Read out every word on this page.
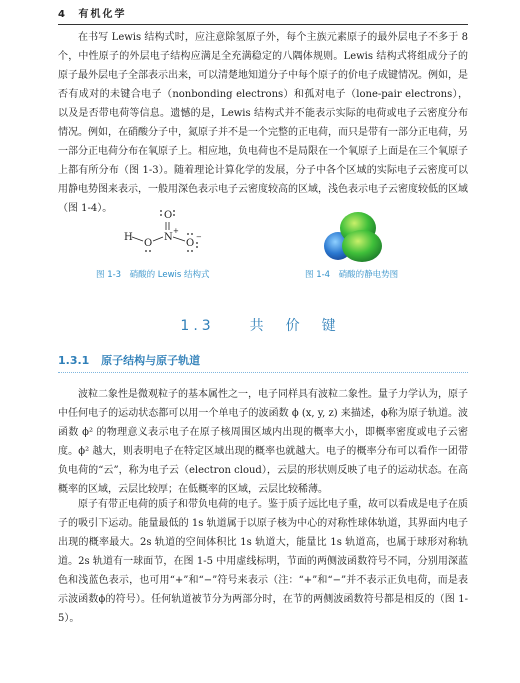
4 有机化学

在书写 Lewis 结构式时，应注意除氢原子外，每个主族元素原子的最外层电子不多于 8 个，中性原子的外层电子结构应满足全充满稳定的八隅体规则。Lewis 结构式将组成分子的原子最外层电子全部表示出来，可以清楚地知道分子中每个原子的价电子成键情况。例如，是否有成对的未键合电子（nonbonding electrons）和孤对电子（lone-pair electrons），以及是否带电荷等信息。遗憾的是，Lewis 结构式并不能表示实际的电荷或电子云密度分布情况。例如，在硝酸分子中，氮原子并不是一个完整的正电荷，而只是带有一部分正电荷，另一部分正电荷分布在氧原子上。相应地，负电荷也不是局限在一个氧原子上面是在三个氧原子上都有所分布（图 1-3）。随着理论计算化学的发展，分子中各个区域的实际电子云密度可以用静电势图来表示，一般用深色表示电子云密度较高的区域，浅色表示电子云密度较低的区域（图 1-4）。

H
O
N
O
O
+
−
图 1-3　硝酸的 Lewis 结构式	图 1-4　硝酸的静电势图
1.3   共　价　键
1.3.1 原子结构与原子轨道

波粒二象性是微观粒子的基本属性之一，电子同样具有波粒二象性。量子力学认为，原子中任何电子的运动状态都可以用一个单电子的波函数 ϕ (x, y, z) 来描述，ϕ称为原子轨道。波函数 ϕ² 的物理意义表示电子在原子核周围区域内出现的概率大小，即概率密度或电子云密度。ϕ² 越大，则表明电子在特定区域出现的概率也就越大。电子的概率分布可以看作一团带负电荷的“云”，称为电子云（electron cloud），云层的形状则反映了电子的运动状态。在高概率的区域，云层比较厚；在低概率的区域，云层比较稀薄。

原子有带正电荷的质子和带负电荷的电子。鉴于质子远比电子重，故可以看成是电子在质子的吸引下运动。能量最低的 1s 轨道属于以原子核为中心的对称性球体轨道，其界面内电子出现的概率最大。2s 轨道的空间体积比 1s 轨道大，能量比 1s 轨道高，也属于球形对称轨道。2s 轨道有一球面节，在图 1-5 中用虚线标明，节面的两侧波函数符号不同，分别用深蓝色和浅蓝色表示，也可用“+”和“−”符号来表示（注：“+”和“−”并不表示正负电荷，而是表示波函数ϕ的符号）。任何轨道被节分为两部分时，在节的两侧波函数符号都是相反的（图 1-5）。
